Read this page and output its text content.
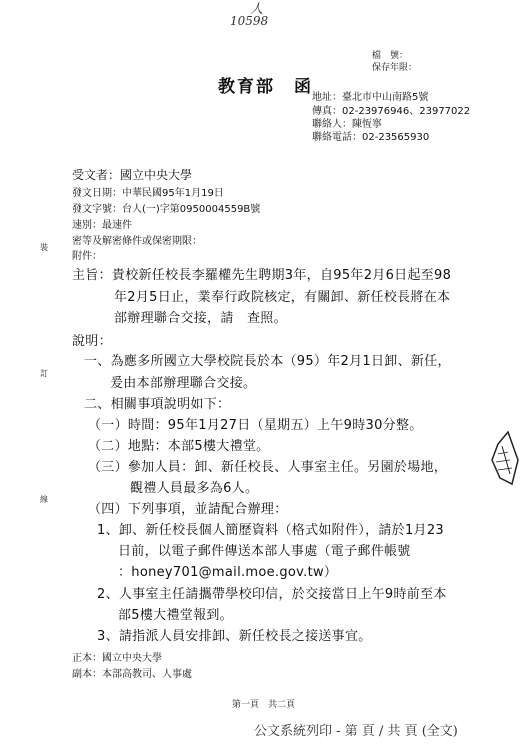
人
10598
檔　號：
保存年限：
教育部　函
地址：臺北市中山南路5號
傳真：02-23976946、23977022
聯絡人：陳恆寧
聯絡電話：02-23565930
受文者：國立中央大學
發文日期：中華民國95年1月19日
發文字號：台人(一)字第0950004559B號
速別：最速件
密等及解密條件或保密期限：
附件：
裝
訂
線
主旨：貴校新任校長李羅權先生聘期3年，自95年2月6日起至98
年2月5日止，業奉行政院核定，有關卸、新任校長將在本
部辦理聯合交接，請　查照。
說明：
一、為應多所國立大學校院長於本（95）年2月1日卸、新任，
爰由本部辦理聯合交接。
二、相關事項說明如下：
（一）時間：95年1月27日（星期五）上午9時30分整。
（二）地點：本部5樓大禮堂。
（三）參加人員：卸、新任校長、人事室主任。另園於場地，
觀禮人員最多為6人。
（四）下列事項，並請配合辦理：
1、卸、新任校長個人簡歷資料（格式如附件），請於1月23
日前，以電子郵件傳送本部人事處（電子郵件帳號
：honey701@mail.moe.gov.tw）
2、人事室主任請攜帶學校印信，於交接當日上午9時前至本
部5樓大禮堂報到。
3、請指派人員安排卸、新任校長之接送事宜。
正本：國立中央大學
副本：本部高教司、人事處
第一頁　共二頁
公文系統列印 - 第 頁 / 共 頁 (全文)
